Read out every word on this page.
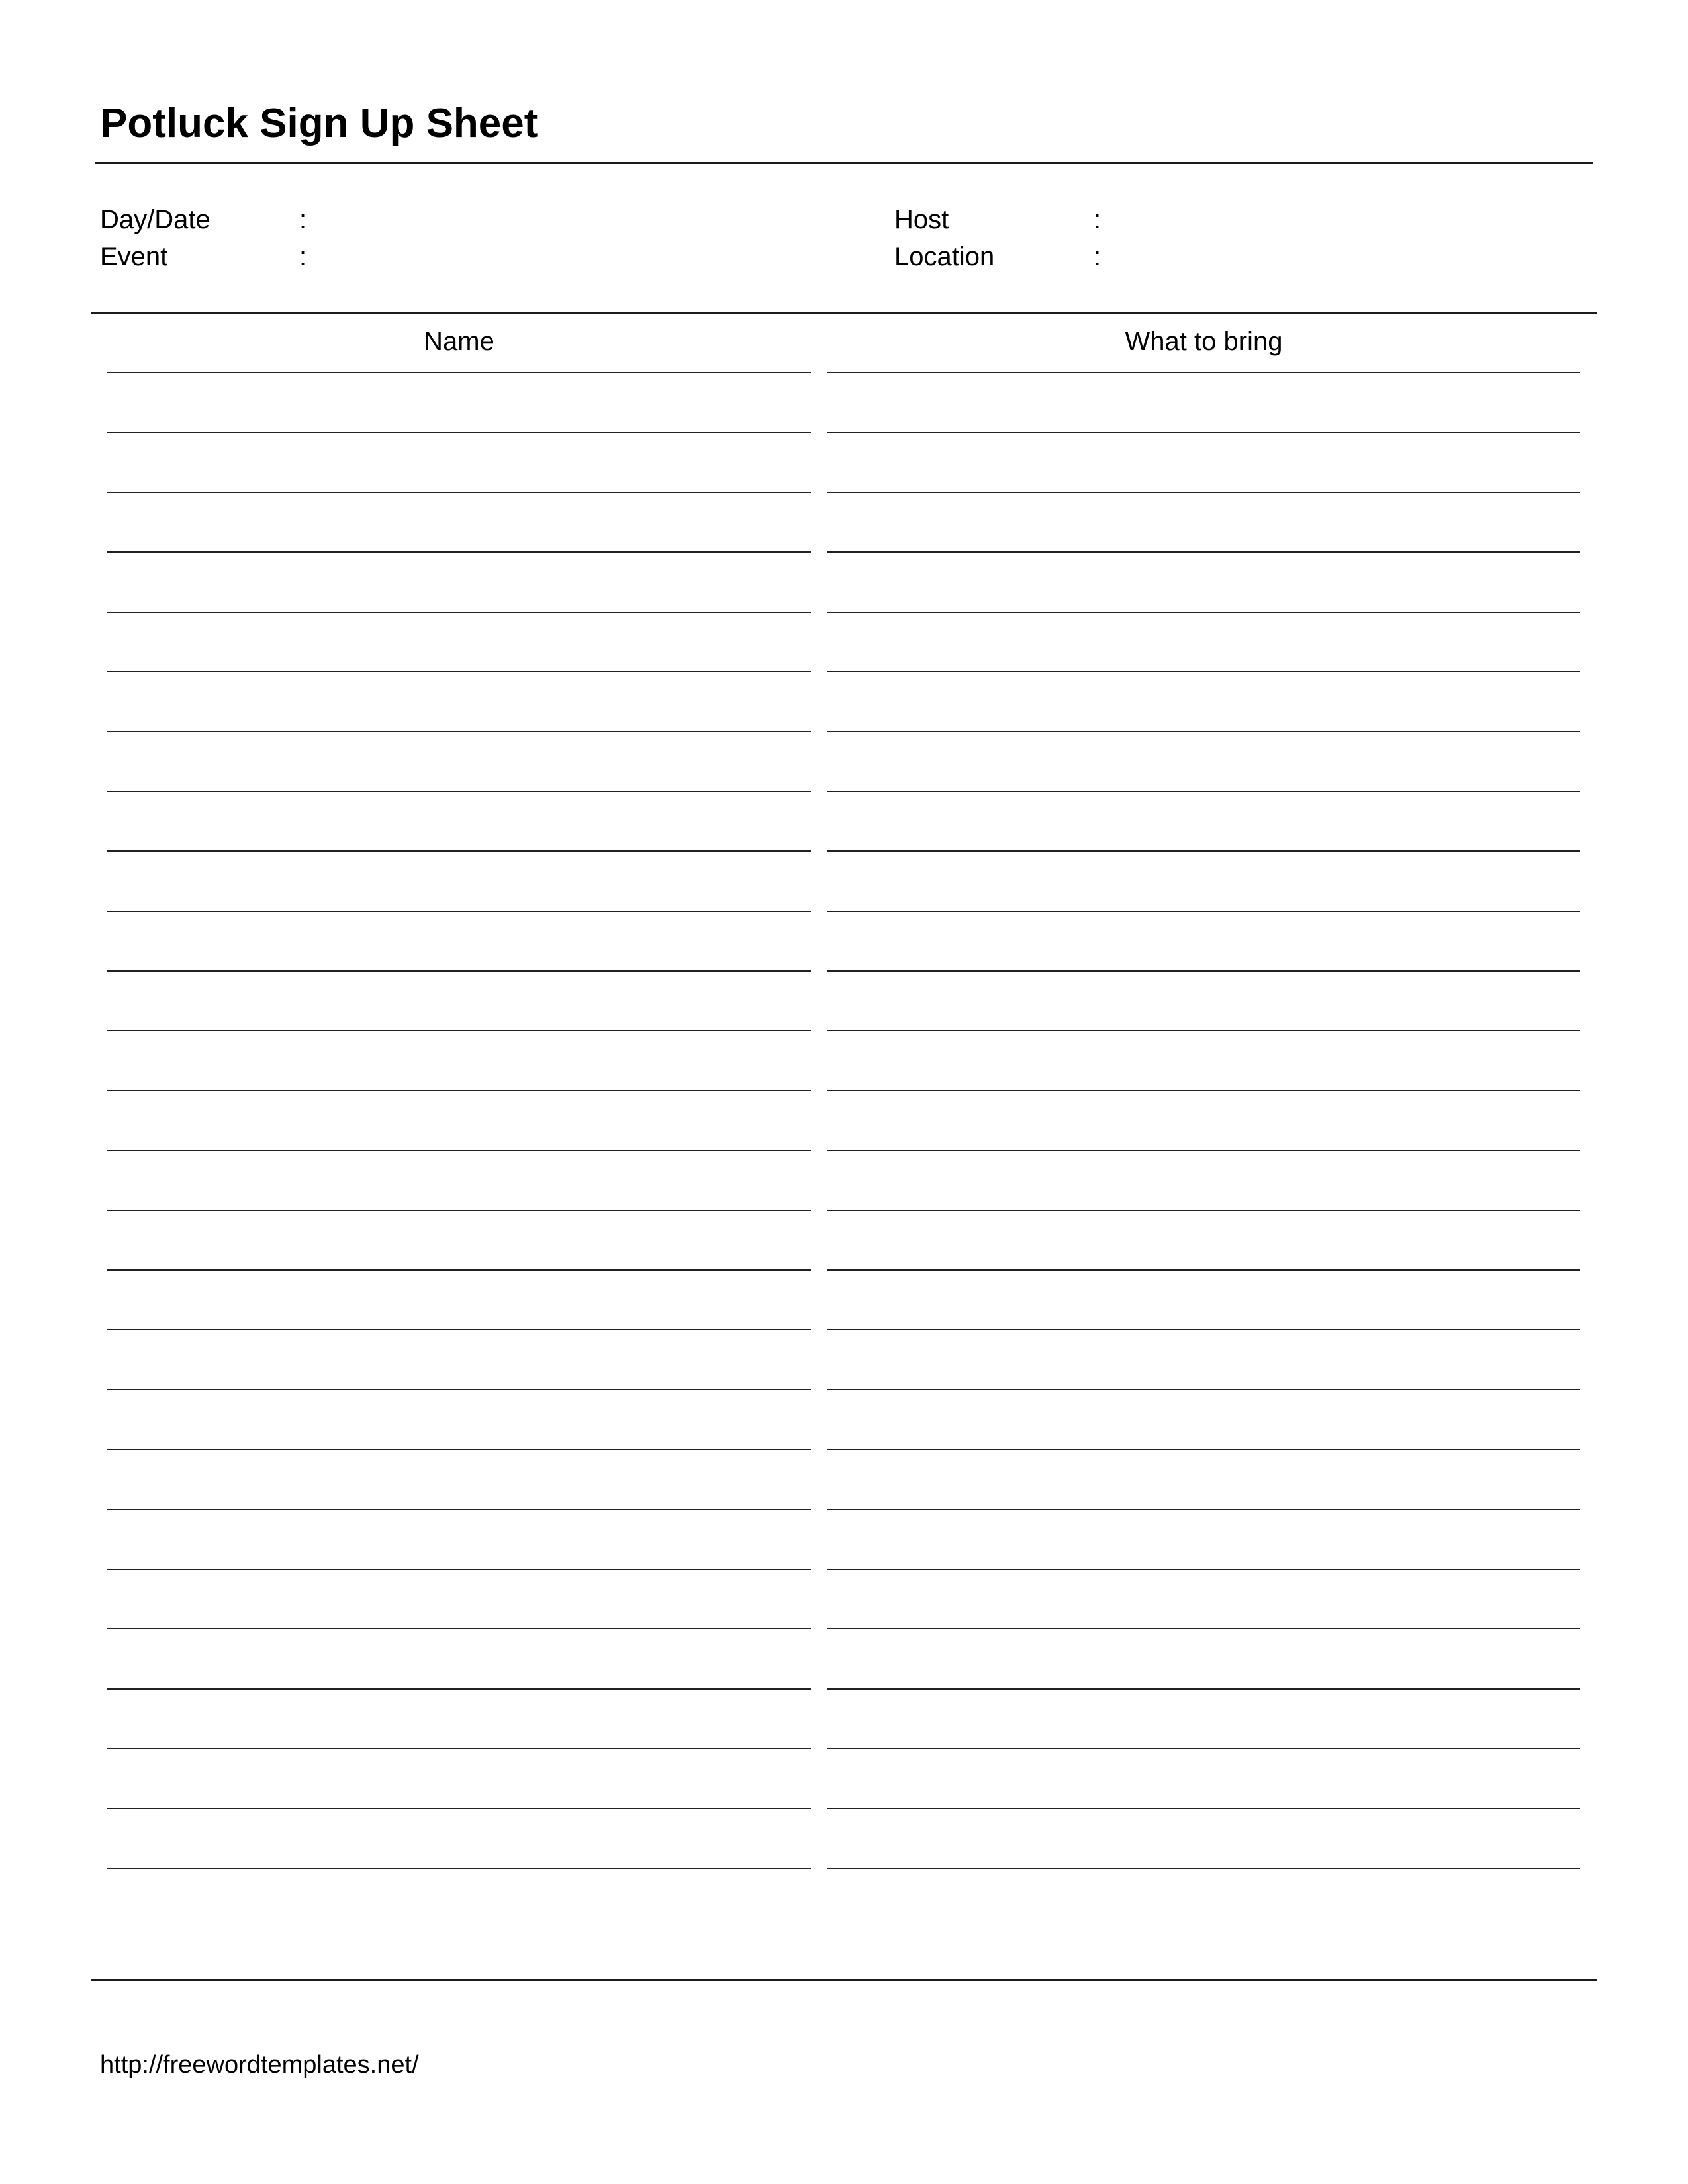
Potluck Sign Up Sheet
Day/Date	:
Event	:
Host	:
Location	:
Name	What to bring
http://freewordtemplates.net/
